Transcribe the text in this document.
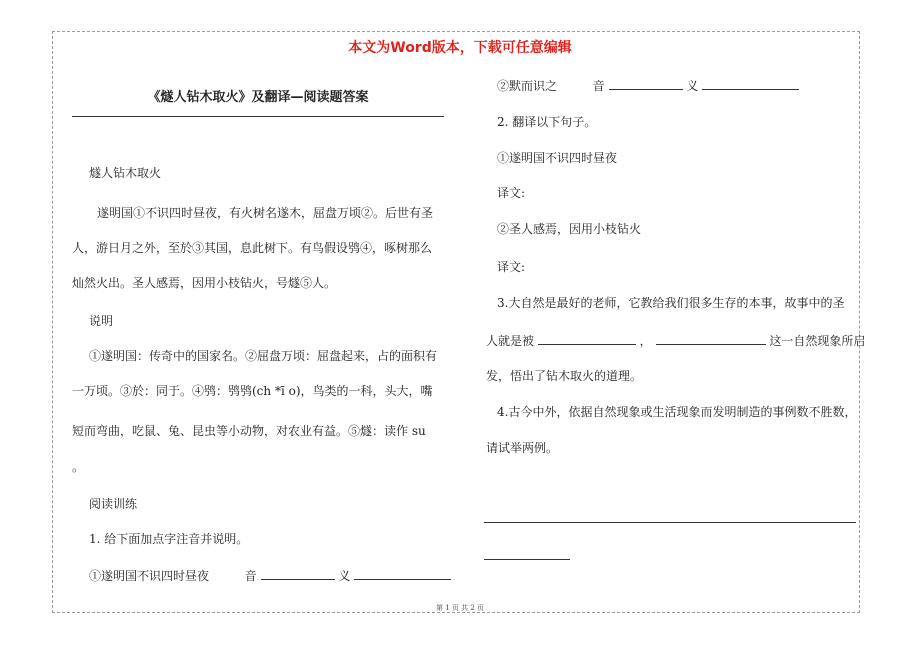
本文为Word版本，下载可任意编辑
《燧人钻木取火》及翻译—阅读题答案
燧人钻木取火
遂明国①不识四时昼夜，有火树名遂木，屈盘万顷②。后世有圣
人，游日月之外，至於③其国，息此树下。有鸟假设鸮④，啄树那么
灿然火出。圣人感焉，因用小枝钻火，号燧⑤人。
说明
①遂明国：传奇中的国家名。②屈盘万顷：屈盘起来，占的面积有
一万顷。③於：同于。④鸮：鸮鸮(ch *ī o)，鸟类的一科，头大，嘴
短而弯曲，吃鼠、兔、昆虫等小动物，对农业有益。⑤燧：读作 su
。
阅读训练
1. 给下面加点字注音并说明。
①遂明国不识四时昼夜	音	义
②默而识之	音	义
2. 翻译以下句子。
①遂明国不识四时昼夜
译文:
②圣人感焉，因用小枝钻火
译文:
3.大自然是最好的老师，它教给我们很多生存的本事，故事中的圣
人就是被	，	这一自然现象所启
发，悟出了钻木取火的道理。
4.古今中外，依据自然现象或生活现象而发明制造的事例数不胜数，
请试举两例。
第 1 页 共 2 页
